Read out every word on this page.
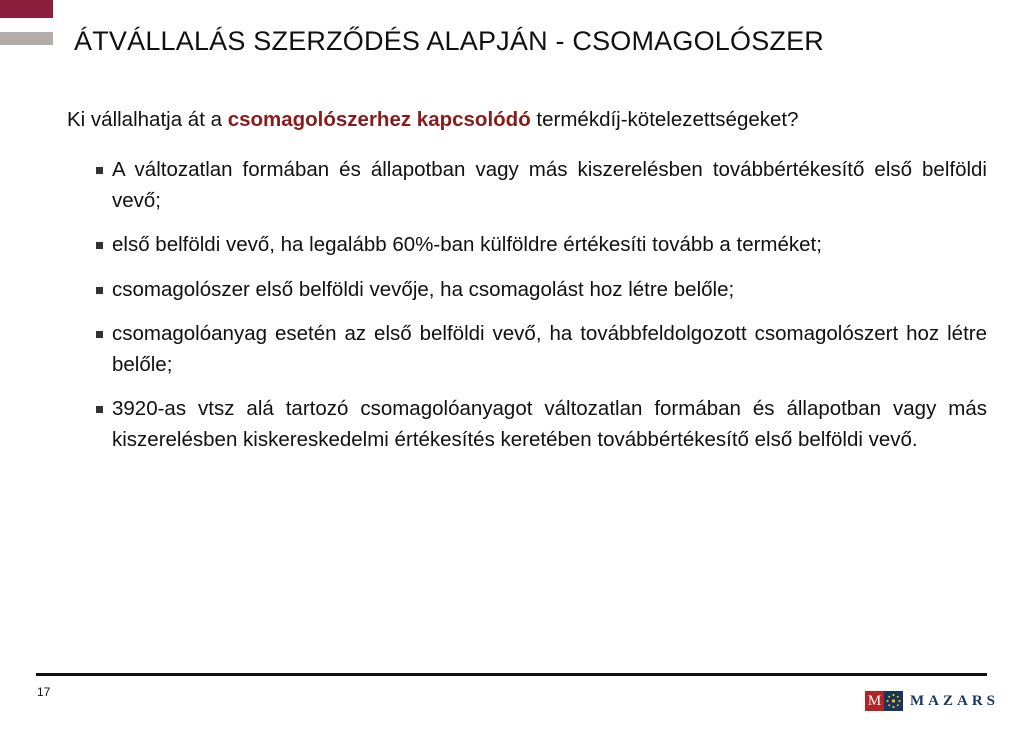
ÁTVÁLLALÁS SZERZŐDÉS ALAPJÁN - CSOMAGOLÓSZER
Ki vállalhatja át a csomagolószerhez kapcsolódó termékdíj-kötelezettségeket?
A változatlan formában és állapotban vagy más kiszerelésben továbbértékesítő első belföldi vevő;
első belföldi vevő, ha legalább 60%-ban külföldre értékesíti tovább a terméket;
csomagolószer első belföldi vevője, ha csomagolást hoz létre belőle;
csomagolóanyag esetén az első belföldi vevő, ha továbbfeldolgozott csomagolószert hoz létre belőle;
3920-as vtsz alá tartozó csomagolóanyagot változatlan formában és állapotban vagy más kiszerelésben kiskereskedelmi értékesítés keretében továbbértékesítő első belföldi vevő.
17
M MAZARS
